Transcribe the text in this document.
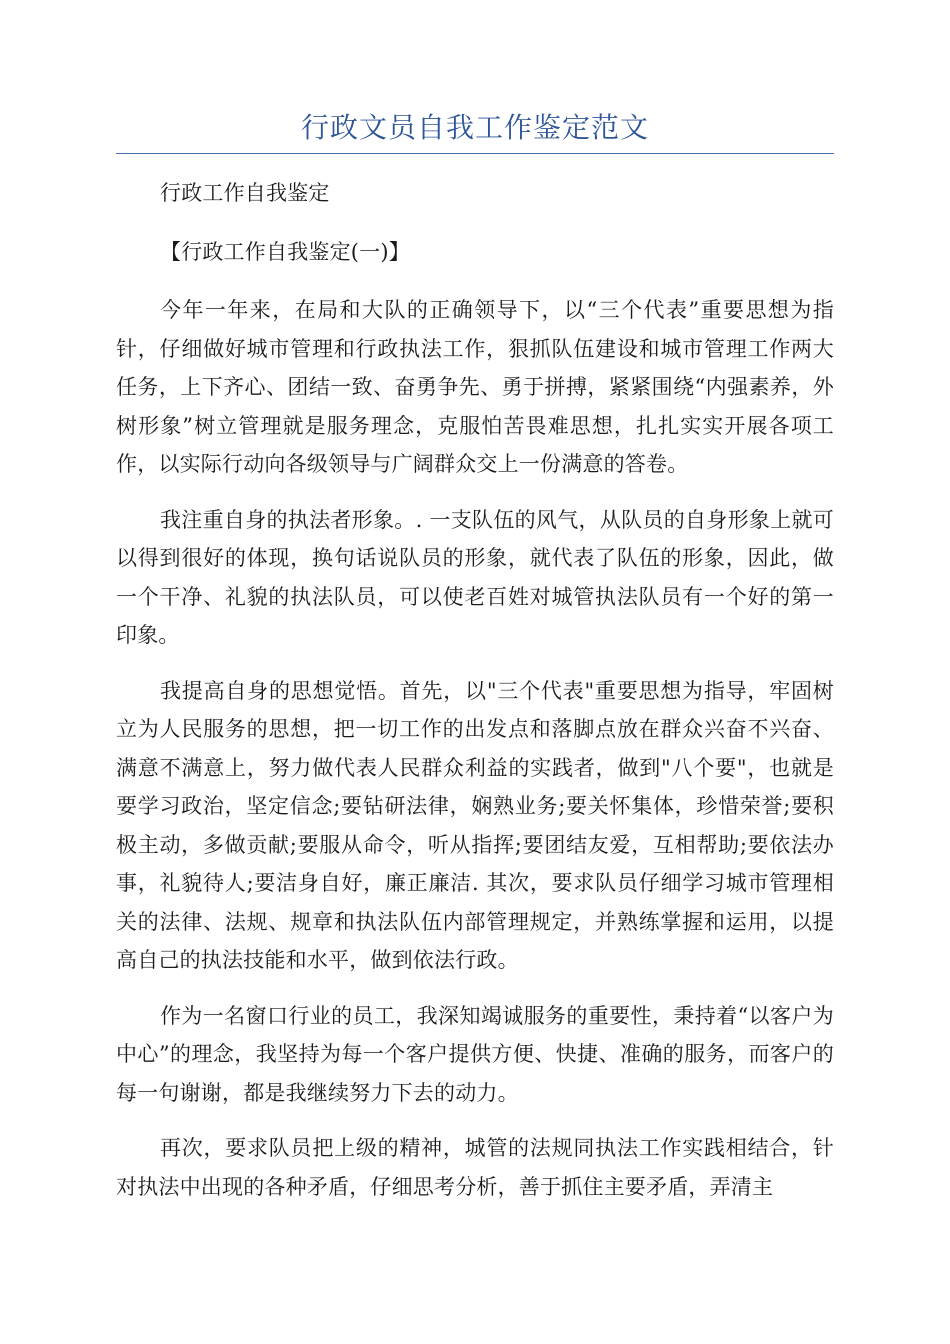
行政文员自我工作鉴定范文

行政工作自我鉴定

【行政工作自我鉴定(一)】

今年一年来，在局和大队的正确领导下，以“三个代表”重要思想为指针，仔细做好城市管理和行政执法工作，狠抓队伍建设和城市管理工作两大任务，上下齐心、团结一致、奋勇争先、勇于拼搏，紧紧围绕“内强素养，外树形象”树立管理就是服务理念，克服怕苦畏难思想，扎扎实实开展各项工作，以实际行动向各级领导与广阔群众交上一份满意的答卷。

我注重自身的执法者形象。. 一支队伍的风气，从队员的自身形象上就可以得到很好的体现，换句话说队员的形象，就代表了队伍的形象，因此，做一个干净、礼貌的执法队员，可以使老百姓对城管执法队员有一个好的第一印象。

我提高自身的思想觉悟。首先，以"三个代表"重要思想为指导，牢固树立为人民服务的思想，把一切工作的出发点和落脚点放在群众兴奋不兴奋、满意不满意上，努力做代表人民群众利益的实践者，做到"八个要"，也就是要学习政治，坚定信念;要钻研法律，娴熟业务;要关怀集体，珍惜荣誉;要积极主动，多做贡献;要服从命令，听从指挥;要团结友爱，互相帮助;要依法办事，礼貌待人;要洁身自好，廉正廉洁. 其次，要求队员仔细学习城市管理相关的法律、法规、规章和执法队伍内部管理规定，并熟练掌握和运用，以提高自己的执法技能和水平，做到依法行政。

作为一名窗口行业的员工，我深知竭诚服务的重要性，秉持着“以客户为中心”的理念，我坚持为每一个客户提供方便、快捷、准确的服务，而客户的每一句谢谢，都是我继续努力下去的动力。

再次，要求队员把上级的精神，城管的法规同执法工作实践相结合，针对执法中出现的各种矛盾，仔细思考分析，善于抓住主要矛盾，弄清主
